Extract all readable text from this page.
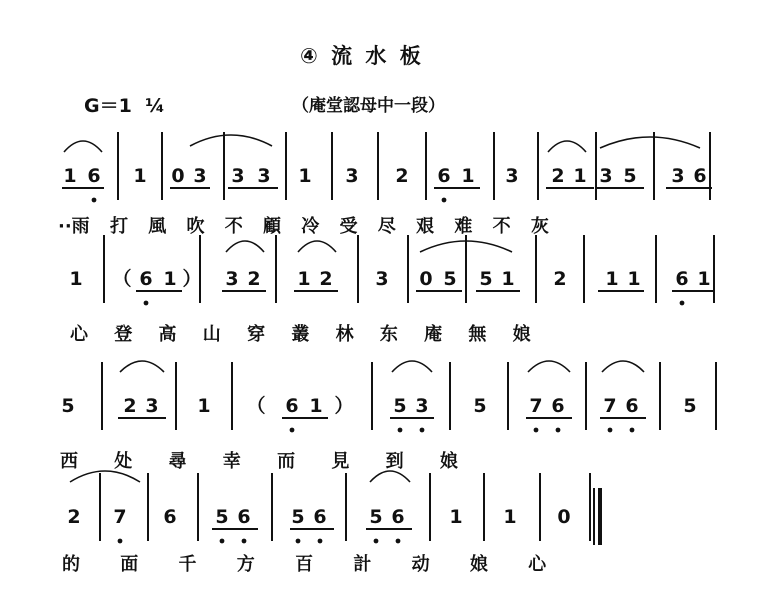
④ 流 水 板
G＝1 ¼	（庵堂認母中一段）
1 6 1 0 3 3 3 1 3 2 6 1 3 2 1 3 5 3 6
1 （ 6 1 ） 3 2 1 2 3 0 5 5 1 2 1 1 6 1
5	2 3 1 （ 6 1 ） 5 3 5 7 6 7 6 5
2 7 6 5 6 5 6 5 6 1 1 0
··雨 打 風 吹 不 顧 冷 受 尽 艰 难 不 灰
心 登 高 山 穿 叢 林 东 庵 無 娘
西 处 尋 幸 而 見 到 娘
的 面 千 方 百 計 动 娘 心
